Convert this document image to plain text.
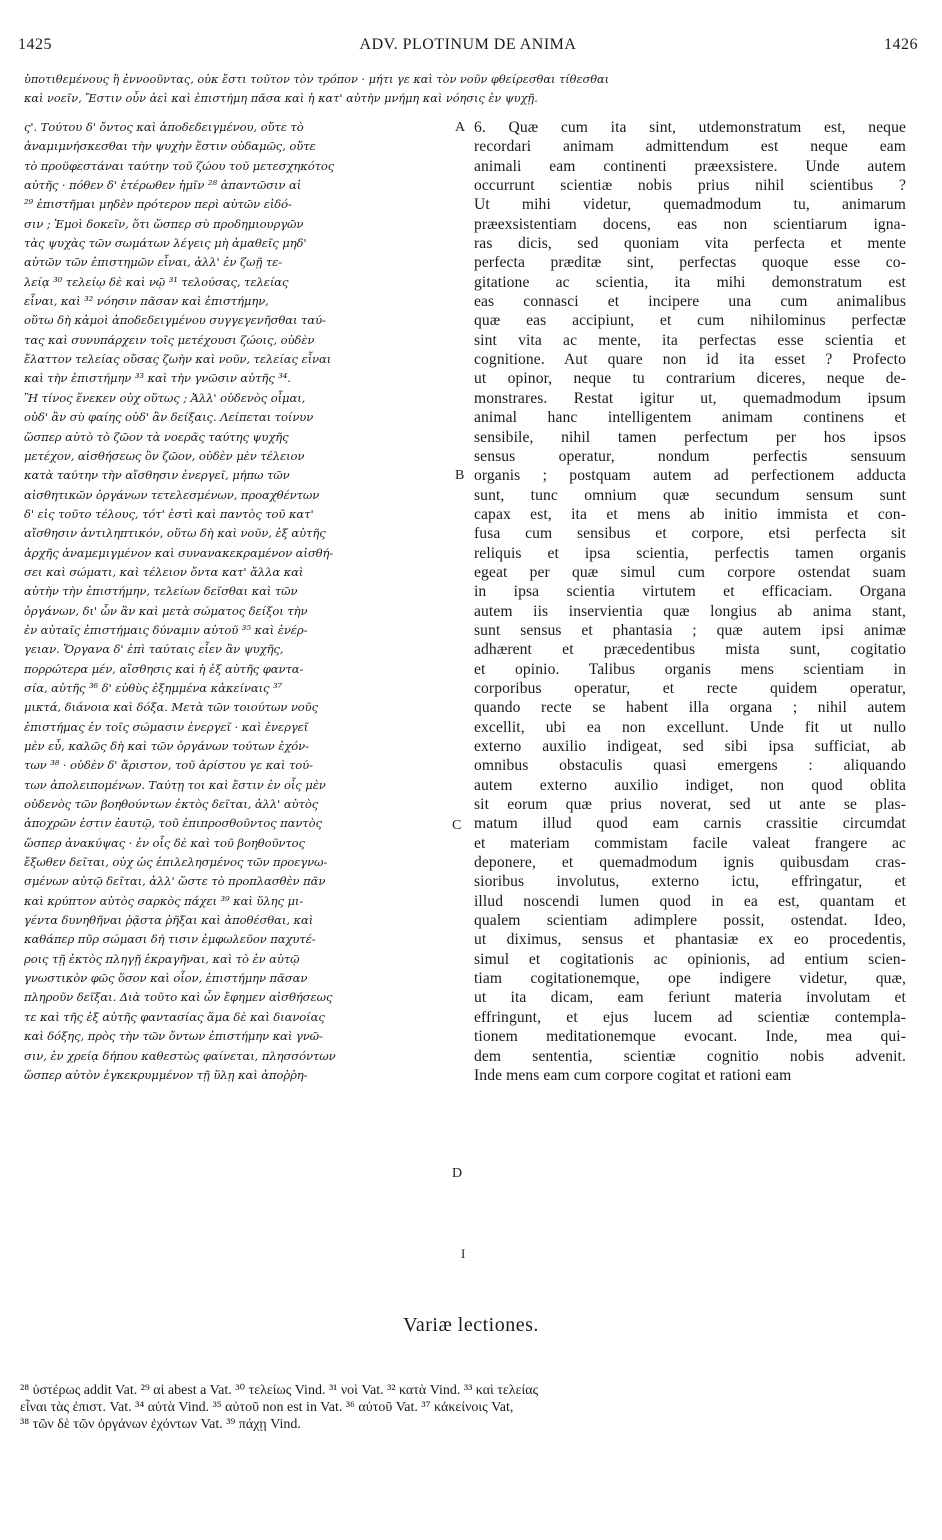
1425	ADV. PLOTINUM DE ANIMA	1426
ὑποτιθεμένους ἢ ἐννοοῦντας, οὐκ ἔστι τοῦτον τὸν τρόπον · μήτι γε καὶ τὸν νοῦν φθείρεσθαι τίθεσθαι
καὶ νοεῖν, Ἔστιν οὖν ἀεὶ καὶ ἐπιστήμη πᾶσα καὶ ἡ κατ' αὐτὴν μνήμη καὶ νόησις ἐν ψυχῇ.
ς'. Τούτου δ' ὄντος καὶ ἀποδεδειγμένου, οὔτε τὸ
ἀναμιμνήσκεσθαι τὴν ψυχὴν ἔστιν οὐδαμῶς, οὔτε
τὸ προϋφεστάναι ταύτην τοῦ ζώου τοῦ μετεσχηκότος
αὐτῆς · πόθεν δ' ἑτέρωθεν ἡμῖν ²⁸ ἀπαντῶσιν αἱ
²⁹ ἐπιστῆμαι μηδὲν πρότερον περὶ αὐτῶν εἰδό-
σιν ; Ἐμοὶ δοκεῖν, ὅτι ὥσπερ σὺ προδημιουργῶν
τὰς ψυχὰς τῶν σωμάτων λέγεις μὴ ἀμαθεῖς μηδ'
αὐτῶν τῶν ἐπιστημῶν εἶναι, ἀλλ' ἐν ζωῇ τε-
λείᾳ ³⁰ τελείῳ δὲ καὶ νῷ ³¹ τελούσας, τελείας
εἶναι, καὶ ³² νόησιν πᾶσαν καὶ ἐπιστήμην,
οὕτω δὴ κἀμοὶ ἀποδεδειγμένου συγγεγενῆσθαι ταύ-
τας καὶ συνυπάρχειν τοῖς μετέχουσι ζώοις, οὐδὲν
ἔλαττον τελείας οὔσας ζωὴν καὶ νοῦν, τελείας εἶναι
καὶ τὴν ἐπιστήμην ³³ καὶ τὴν γνῶσιν αὐτῆς ³⁴.
Ἢ τίνος ἕνεκεν οὐχ οὕτως ; Ἀλλ' οὐδενὸς οἶμαι,
οὐδ' ἂν σὺ φαίης οὐδ' ἂν δείξαις. Λείπεται τοίνυν
ὥσπερ αὐτὸ τὸ ζῶον τὰ νοερᾶς ταύτης ψυχῆς
μετέχον, αἰσθήσεως ὂν ζῶον, οὐδὲν μὲν τέλειον
κατὰ ταύτην τὴν αἴσθησιν ἐνεργεῖ, μήπω τῶν
αἰσθητικῶν ὀργάνων τετελεσμένων, προαχθέντων
δ' εἰς τοῦτο τέλους, τότ' ἐστὶ καὶ παντὸς τοῦ κατ'
αἴσθησιν ἀντιληπτικόν, οὕτω δὴ καὶ νοῦν, ἐξ αὐτῆς
ἀρχῆς ἀναμεμιγμένον καὶ συνανακεκραμένον αἰσθή-
σει καὶ σώματι, καὶ τέλειον ὄντα κατ' ἄλλα καὶ
αὐτὴν τὴν ἐπιστήμην, τελείων δεῖσθαι καὶ τῶν
ὀργάνων, δι' ὧν ἂν καὶ μετὰ σώματος δείξοι τὴν
ἐν αὐταῖς ἐπιστήμαις δύναμιν αὐτοῦ ³⁵ καὶ ἐνέρ-
γειαν. Ὄργανα δ' ἐπὶ ταύταις εἶεν ἂν ψυχῆς,
πορρώτερα μέν, αἴσθησις καὶ ἡ ἐξ αὐτῆς φαντα-
σία, αὐτῆς ³⁶ δ' εὐθὺς ἐξημμένα κἀκείναις ³⁷
μικτά, διάνοια καὶ δόξα. Μετὰ τῶν τοιούτων νοῦς
ἐπιστήμας ἐν τοῖς σώμασιν ἐνεργεῖ · καὶ ἐνεργεῖ
μὲν εὖ, καλῶς δὴ καὶ τῶν ὀργάνων τούτων ἐχόν-
των ³⁸ · οὐδὲν δ' ἄριστον, τοῦ ἀρίστου γε καὶ τού-
των ἀπολειπομένων. Ταύτῃ τοι καὶ ἔστιν ἐν οἷς μὲν
οὐδενὸς τῶν βοηθούντων ἐκτὸς δεῖται, ἀλλ' αὐτὸς
ἀποχρῶν ἐστιν ἑαυτῷ, τοῦ ἐπιπροσθοῦντος παντὸς
ὥσπερ ἀνακύψας · ἐν οἷς δὲ καὶ τοῦ βοηθοῦντος
ἔξωθεν δεῖται, οὐχ ὡς ἐπιλελησμένος τῶν προεγνω-
σμένων αὐτῷ δεῖται, ἀλλ' ὥστε τὸ προπλασθὲν πᾶν
καὶ κρύπτον αὐτὸς σαρκὸς πάχει ³⁹ καὶ ὕλης μι-
γέντα δυνηθῆναι ῥᾷστα ῥῆξαι καὶ ἀποθέσθαι, καὶ
καθάπερ πῦρ σώμασι δή τισιν ἐμφωλεῦον παχυτέ-
ροις τῇ ἐκτὸς πληγῇ ἐκραγῆναι, καὶ τὸ ἐν αὐτῷ
γνωστικὸν φῶς ὅσον καὶ οἷον, ἐπιστήμην πᾶσαν
πληροῦν δεῖξαι. Διὰ τοῦτο καὶ ὧν ἔφημεν αἰσθήσεως
τε καὶ τῆς ἐξ αὐτῆς φαντασίας ἅμα δὲ καὶ διανοίας
καὶ δόξης, πρὸς τὴν τῶν ὄντων ἐπιστήμην καὶ γνῶ-
σιν, ἐν χρείᾳ δήπου καθεστὼς φαίνεται, πλησσόντων
ὥσπερ αὐτὸν ἐγκεκρυμμένον τῇ ὕλῃ καὶ ἀποῤῥη-
6. Quæ cum ita sint, utdemonstratum est, neque
recordari animam admittendum est neque eam
animali eam continenti præexsistere. Unde autem
occurrunt scientiæ nobis prius nihil scientibus ?
Ut mihi videtur, quemadmodum tu, animarum
præexsistentiam docens, eas non scientiarum igna-
ras dicis, sed quoniam vita perfecta et mente
perfecta præditæ sint, perfectas quoque esse co-
gitatione ac scientia, ita mihi demonstratum est
eas connasci et incipere una cum animalibus
quæ eas accipiunt, et cum nihilominus perfectæ
sint vita ac mente, ita perfectas esse scientia et
cognitione. Aut quare non id ita esset ? Profecto
ut opinor, neque tu contrarium diceres, neque de-
monstrares. Restat igitur ut, quemadmodum ipsum
animal hanc intelligentem animam continens et
sensibile, nihil tamen perfectum per hos ipsos
sensus operatur, nondum perfectis sensuum
organis ; postquam autem ad perfectionem adducta
sunt, tunc omnium quæ secundum sensum sunt
capax est, ita et mens ab initio immista et con-
fusa cum sensibus et corpore, etsi perfecta sit
reliquis et ipsa scientia, perfectis tamen organis
egeat per quæ simul cum corpore ostendat suam
in ipsa scientia virtutem et efficaciam. Organa
autem iis inservientia quæ longius ab anima stant,
sunt sensus et phantasia ; quæ autem ipsi animæ
adhærent et præcedentibus mista sunt, cogitatio
et opinio. Talibus organis mens scientiam in
corporibus operatur, et recte quidem operatur,
quando recte se habent illa organa ; nihil autem
excellit, ubi ea non excellunt. Unde fit ut nullo
externo auxilio indigeat, sed sibi ipsa sufficiat, ab
omnibus obstaculis quasi emergens : aliquando
autem externo auxilio indiget, non quod oblita
sit eorum quæ prius noverat, sed ut ante se plas-
matum illud quod eam carnis crassitie circumdat
et materiam commistam facile valeat frangere ac
deponere, et quemadmodum ignis quibusdam cras-
sioribus involutus, externo ictu, effringatur, et
illud noscendi lumen quod in ea est, quantam et
qualem scientiam adimplere possit, ostendat. Ideo,
ut diximus, sensus et phantasiæ ex eo procedentis,
simul et cogitationis ac opinionis, ad entium scien-
tiam cogitationemque, ope indigere videtur, quæ,
ut ita dicam, eam feriunt materia involutam et
effringunt, et ejus lucem ad scientiæ contempla-
tionem meditationemque evocant. Inde, mea qui-
dem sententia, scientiæ cognitio nobis advenit.
Inde mens eam cum corpore cogitat et rationi eam
A
B
C
D
I
Variæ lectiones.
²⁸ ὑστέρως addit Vat. ²⁹ αἱ abest a Vat. ³⁰ τελείως Vind. ³¹ νοὶ Vat. ³² κατὰ Vind. ³³ καὶ τελείας
εἶναι τὰς ἐπιστ. Vat. ³⁴ αὐτὰ Vind. ³⁵ αὐτοῦ non est in Vat. ³⁶ αὐτοῦ Vat. ³⁷ κἀκείνοις Vat,
³⁸ τῶν δὲ τῶν ὀργάνων ἐχόντων Vat. ³⁹ πάχῃ Vind.
